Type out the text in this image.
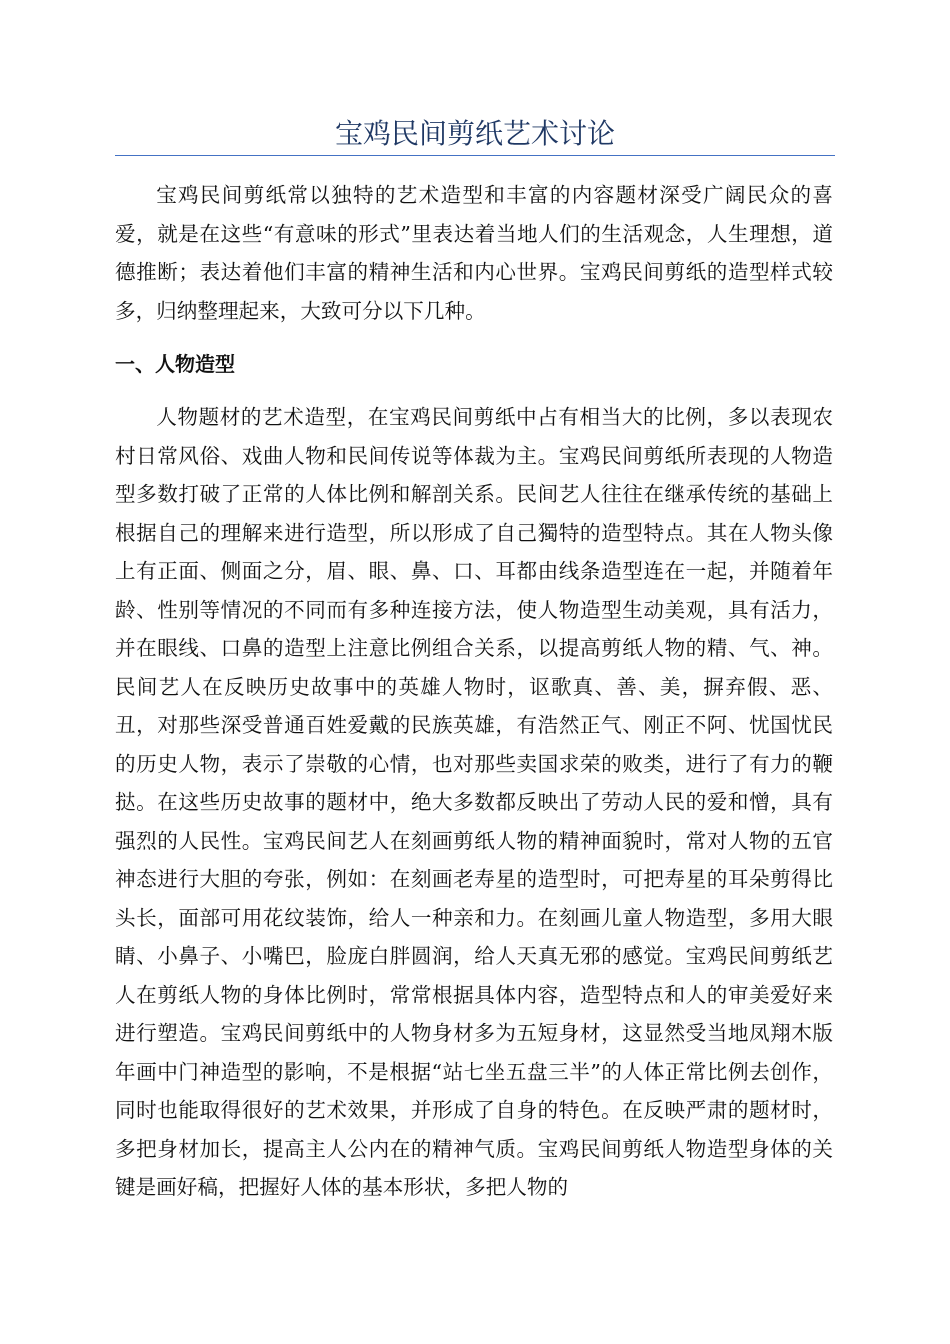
宝鸡民间剪纸艺术讨论

宝鸡民间剪纸常以独特的艺术造型和丰富的内容题材深受广阔民众的喜爱，就是在这些“有意味的形式”里表达着当地人们的生活观念，人生理想，道德推断；表达着他们丰富的精神生活和内心世界。宝鸡民间剪纸的造型样式较多，归纳整理起来，大致可分以下几种。

一、人物造型

人物题材的艺术造型，在宝鸡民间剪纸中占有相当大的比例，多以表现农村日常风俗、戏曲人物和民间传说等体裁为主。宝鸡民间剪纸所表现的人物造型多数打破了正常的人体比例和解剖关系。民间艺人往往在继承传统的基础上根据自己的理解来进行造型，所以形成了自己獨特的造型特点。其在人物头像上有正面、侧面之分，眉、眼、鼻、口、耳都由线条造型连在一起，并随着年龄、性别等情况的不同而有多种连接方法，使人物造型生动美观，具有活力，并在眼线、口鼻的造型上注意比例组合关系，以提高剪纸人物的精、气、神。民间艺人在反映历史故事中的英雄人物时，讴歌真、善、美，摒弃假、恶、丑，对那些深受普通百姓爱戴的民族英雄，有浩然正气、刚正不阿、忧国忧民的历史人物，表示了崇敬的心情，也对那些卖国求荣的败类，进行了有力的鞭挞。在这些历史故事的题材中，绝大多数都反映出了劳动人民的爱和憎，具有强烈的人民性。宝鸡民间艺人在刻画剪纸人物的精神面貌时，常对人物的五官神态进行大胆的夸张，例如：在刻画老寿星的造型时，可把寿星的耳朵剪得比头长，面部可用花纹装饰，给人一种亲和力。在刻画儿童人物造型，多用大眼睛、小鼻子、小嘴巴，脸庞白胖圆润，给人天真无邪的感觉。宝鸡民间剪纸艺人在剪纸人物的身体比例时，常常根据具体内容，造型特点和人的审美爱好来进行塑造。宝鸡民间剪纸中的人物身材多为五短身材，这显然受当地凤翔木版年画中门神造型的影响，不是根据“站七坐五盘三半”的人体正常比例去创作，同时也能取得很好的艺术效果，并形成了自身的特色。在反映严肃的题材时，多把身材加长，提高主人公内在的精神气质。宝鸡民间剪纸人物造型身体的关键是画好稿，把握好人体的基本形状，多把人物的
